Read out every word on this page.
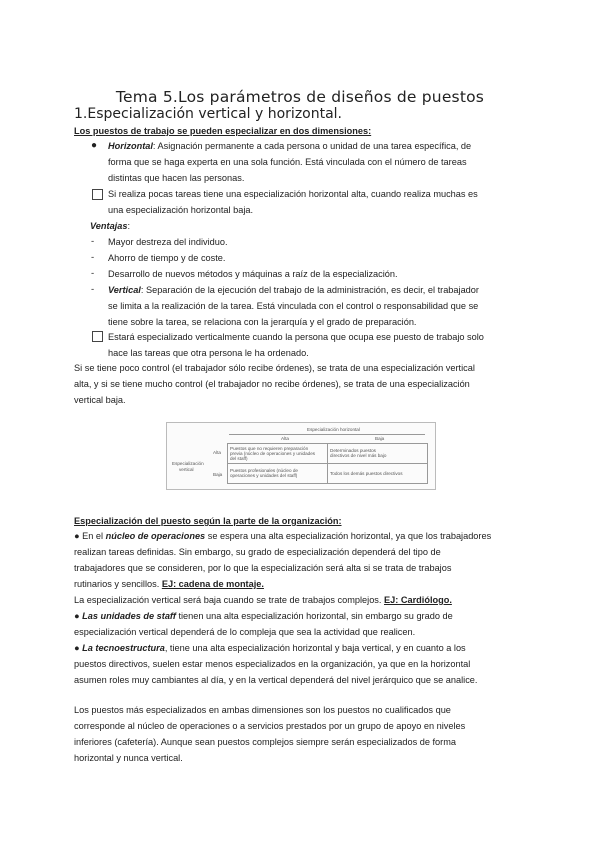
Tema 5.Los parámetros de diseños de puestos
1.Especialización vertical y horizontal.
Los puestos de trabajo se pueden especializar en dos dimensiones:
● Horizontal: Asignación permanente a cada persona o unidad de una tarea específica, de
forma que se haga experta en una sola función. Está vinculada con el número de tareas
distintas que hacen las personas.
Si realiza pocas tareas tiene una especialización horizontal alta, cuando realiza muchas es
una especialización horizontal baja.
Ventajas:
- Mayor destreza del individuo.
- Ahorro de tiempo y de coste.
- Desarrollo de nuevos métodos y máquinas a raíz de la especialización.
- Vertical: Separación de la ejecución del trabajo de la administración, es decir, el trabajador
se limita a la realización de la tarea. Está vinculada con el control o responsabilidad que se
tiene sobre la tarea, se relaciona con la jerarquía y el grado de preparación.
Estará especializado verticalmente cuando la persona que ocupa ese puesto de trabajo solo
hace las tareas que otra persona le ha ordenado.
Si se tiene poco control (el trabajador sólo recibe órdenes), se trata de una especialización vertical
alta, y si se tiene mucho control (el trabajador no recibe órdenes), se trata de una especialización
vertical baja.
Especialización horizontal
Alta	Baja
Especialización
vertical
Alta
Baja
Puestos que no requieren preparación
previa (núcleo de operaciones y unidades
del staff)
Determinados puestos
directivos de nivel más bajo
Puestos profesionales (núcleo de
operaciones y unidades del staff)	Todos los demás puestos directivos
Especialización del puesto según la parte de la organización:
● En el núcleo de operaciones se espera una alta especialización horizontal, ya que los trabajadores
realizan tareas definidas. Sin embargo, su grado de especialización dependerá del tipo de
trabajadores que se consideren, por lo que la especialización será alta si se trata de trabajos
rutinarios y sencillos. EJ: cadena de montaje.
La especialización vertical será baja cuando se trate de trabajos complejos. EJ: Cardiólogo.
● Las unidades de staff tienen una alta especialización horizontal, sin embargo su grado de
especialización vertical dependerá de lo compleja que sea la actividad que realicen.
● La tecnoestructura, tiene una alta especialización horizontal y baja vertical, y en cuanto a los
puestos directivos, suelen estar menos especializados en la organización, ya que en la horizontal
asumen roles muy cambiantes al día, y en la vertical dependerá del nivel jerárquico que se analice.
Los puestos más especializados en ambas dimensiones son los puestos no cualificados que
corresponde al núcleo de operaciones o a servicios prestados por un grupo de apoyo en niveles
inferiores (cafetería). Aunque sean puestos complejos siempre serán especializados de forma
horizontal y nunca vertical.
